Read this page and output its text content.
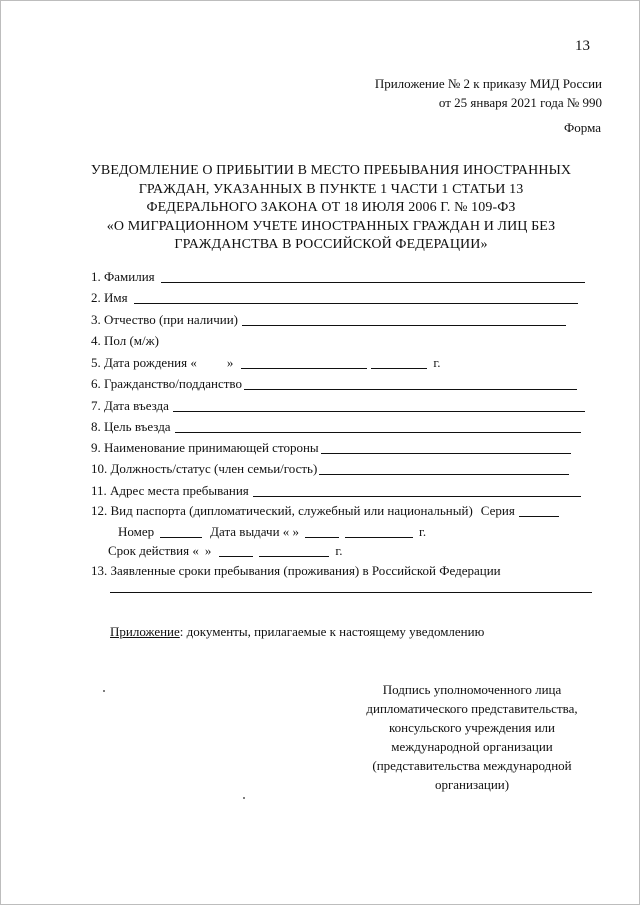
13
Приложение № 2 к приказу МИД России
от 25 января 2021 года № 990
Форма
УВЕДОМЛЕНИЕ О ПРИБЫТИИ В МЕСТО ПРЕБЫВАНИЯ ИНОСТРАННЫХ
ГРАЖДАН, УКАЗАННЫХ В ПУНКТЕ 1 ЧАСТИ 1 СТАТЬИ 13
ФЕДЕРАЛЬНОГО ЗАКОНА ОТ 18 ИЮЛЯ 2006 Г. № 109-ФЗ
«О МИГРАЦИОННОМ УЧЕТЕ ИНОСТРАННЫХ ГРАЖДАН И ЛИЦ БЕЗ
ГРАЖДАНСТВА В РОССИЙСКОЙ ФЕДЕРАЦИИ»
1. Фамилия
2. Имя
3. Отчество (при наличии)
4. Пол (м/ж)
5. Дата рождения « »	г.
6. Гражданство/подданство
7. Дата въезда
8. Цель въезда
9. Наименование принимающей стороны
10. Должность/статус (член семьи/гость)
11. Адрес места пребывания
12. Вид паспорта (дипломатический, служебный или национальный) Серия
Номер	Дата выдачи « »	г.
Срок действия « »	г.
13. Заявленные сроки пребывания (проживания) в Российской Федерации
Приложение: документы, прилагаемые к настоящему уведомлению
Подпись уполномоченного лица
дипломатического представительства,
консульского учреждения или
международной организации
(представительства международной
организации)
